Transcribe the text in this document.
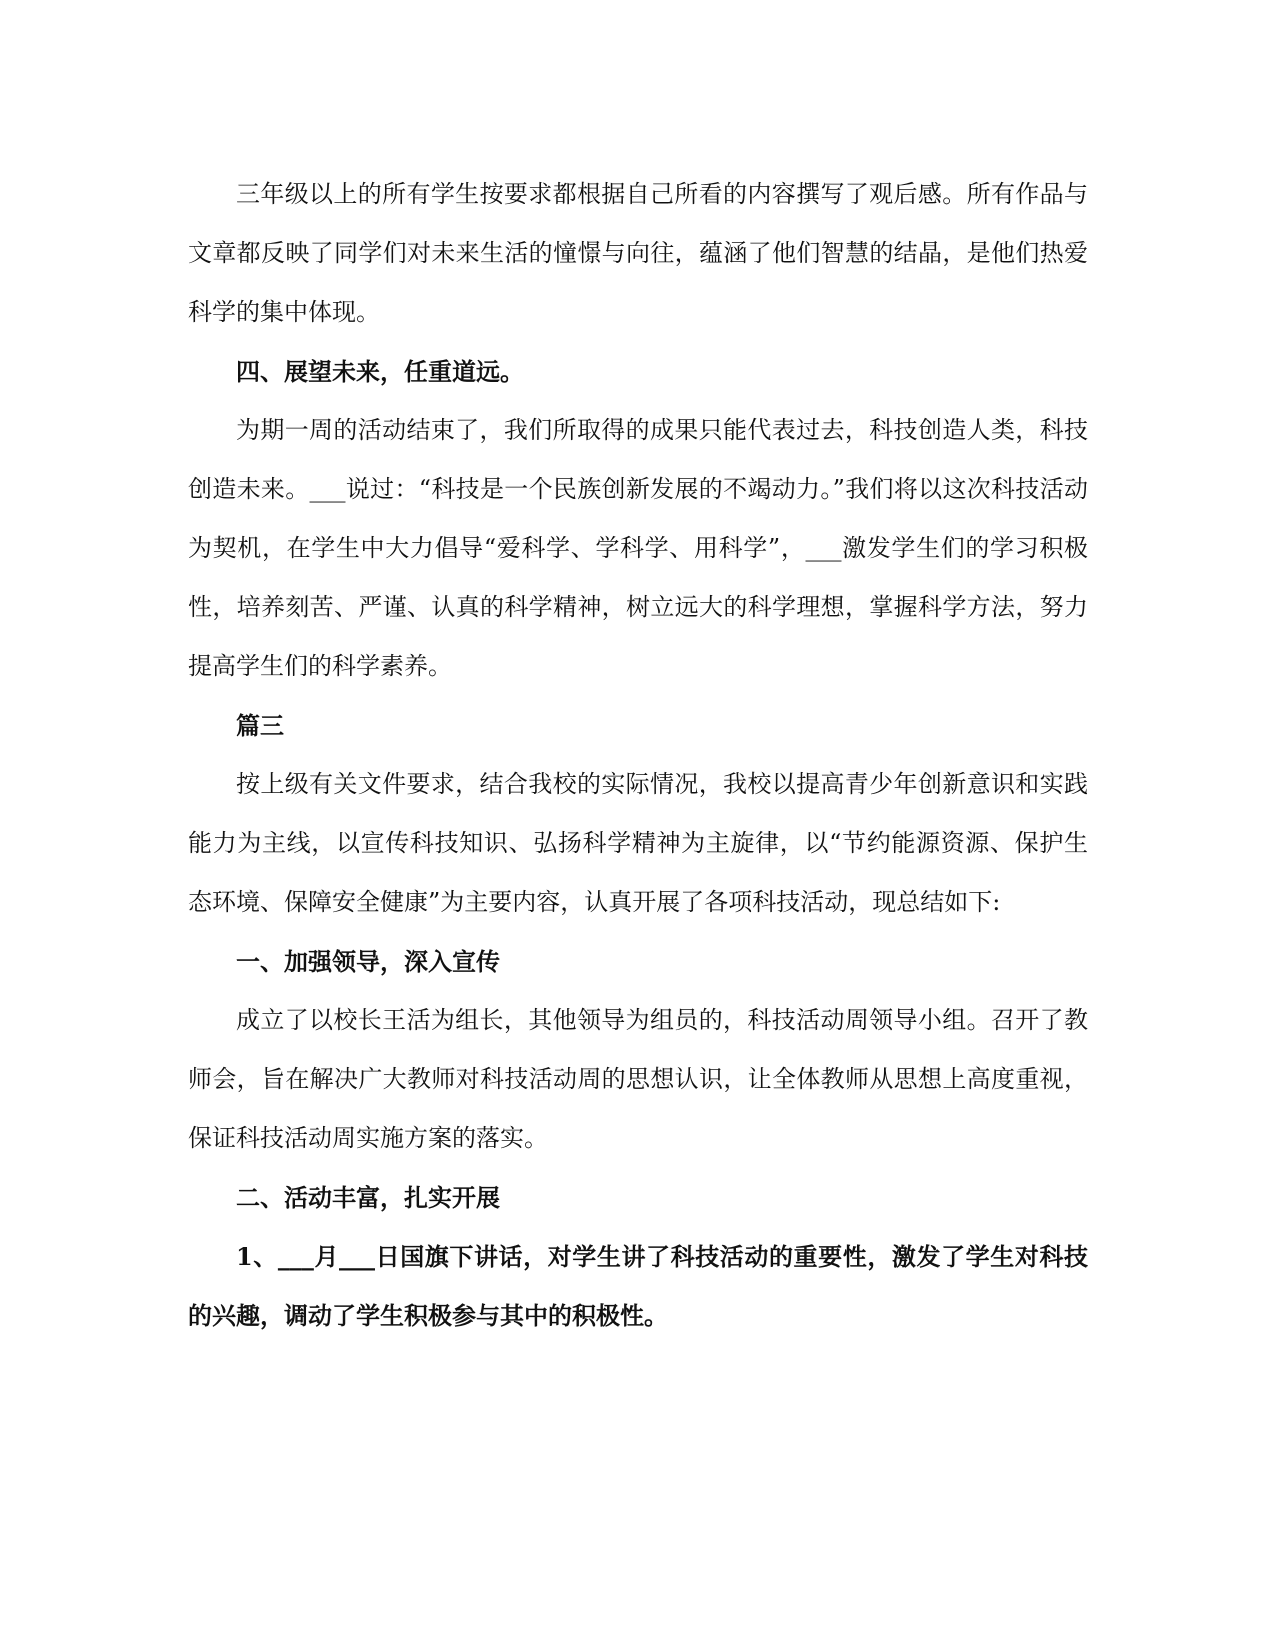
三年级以上的所有学生按要求都根据自己所看的内容撰写了观后感。所有作品与文章都反映了同学们对未来生活的憧憬与向往，蕴涵了他们智慧的结晶，是他们热爱科学的集中体现。

四、展望未来，任重道远。

为期一周的活动结束了，我们所取得的成果只能代表过去，科技创造人类，科技创造未来。___说过：“科技是一个民族创新发展的不竭动力。”我们将以这次科技活动为契机，在学生中大力倡导“爱科学、学科学、用科学”，___激发学生们的学习积极性，培养刻苦、严谨、认真的科学精神，树立远大的科学理想，掌握科学方法，努力提高学生们的科学素养。

篇三

按上级有关文件要求，结合我校的实际情况，我校以提高青少年创新意识和实践能力为主线，以宣传科技知识、弘扬科学精神为主旋律，以“节约能源资源、保护生态环境、保障安全健康”为主要内容，认真开展了各项科技活动，现总结如下:

一、加强领导，深入宣传

成立了以校长王活为组长，其他领导为组员的，科技活动周领导小组。召开了教师会，旨在解决广大教师对科技活动周的思想认识，让全体教师从思想上高度重视，保证科技活动周实施方案的落实。

二、活动丰富，扎实开展

1、___月___日国旗下讲话，对学生讲了科技活动的重要性，激发了学生对科技的兴趣，调动了学生积极参与其中的积极性。
